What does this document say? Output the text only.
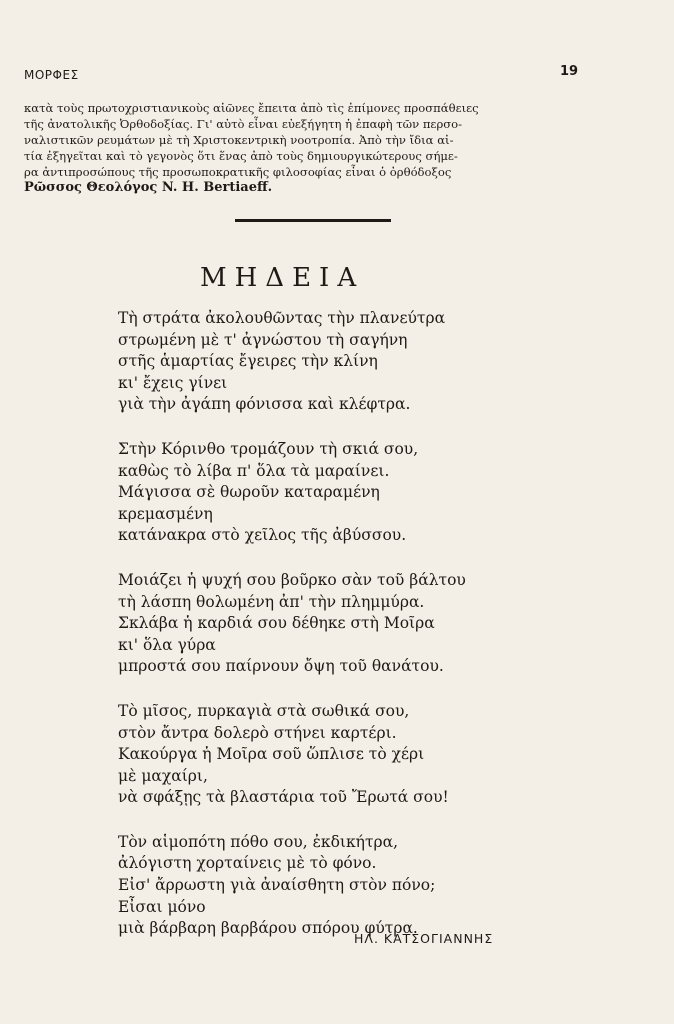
ΜΟΡΦΕΣ	19
κατὰ τοὺς πρωτοχριστιανικοὺς αἰῶνες ἔπειτα ἀπὸ τὶς ἐπίμονες προσπάθειες
τῆς ἀνατολικῆς Ὀρθοδοξίας. Γι' αὐτὸ εἶναι εὐεξήγητη ἡ ἐπαφὴ τῶν περσο-
ναλιστικῶν ρευμάτων μὲ τὴ Χριστοκεντρικὴ νοοτροπία. Ἀπὸ τὴν ἴδια αἰ-
τία ἐξηγεῖται καὶ τὸ γεγονὸς ὅτι ἕνας ἀπὸ τοὺς δημιουργικώτερους σήμε-
ρα ἀντιπροσώπους τῆς προσωποκρατικῆς φιλοσοφίας εἶναι ὁ ὀρθόδοξος
Ρῶσσος Θεολόγος N. H. Bertiaeff.
ΜΗΔΕΙΑ
Τὴ στράτα ἀκολουθῶντας τὴν πλανεύτρα
στρωμένη μὲ τ' ἀγνώστου τὴ σαγήνη
στῆς ἁμαρτίας ἔγειρες τὴν κλίνη
κι' ἔχεις γίνει
γιὰ τὴν ἀγάπη φόνισσα καὶ κλέφτρα.
Στὴν Κόρινθο τρομάζουν τὴ σκιά σου,
καθὼς τὸ λίβα π' ὅλα τὰ μαραίνει.
Μάγισσα σὲ θωροῦν καταραμένη
κρεμασμένη
κατάνακρα στὸ χεῖλος τῆς ἀβύσσου.
Μοιάζει ἡ ψυχή σου βοῦρκο σὰν τοῦ βάλτου
τὴ λάσπη θολωμένη ἀπ' τὴν πλημμύρα.
Σκλάβα ἡ καρδιά σου δέθηκε στὴ Μοῖρα
κι' ὅλα γύρα
μπροστά σου παίρνουν ὄψη τοῦ θανάτου.
Τὸ μῖσος, πυρκαγιὰ στὰ σωθικά σου,
στὸν ἄντρα δολερὸ στήνει καρτέρι.
Κακούργα ἡ Μοῖρα σοῦ ὥπλισε τὸ χέρι
μὲ μαχαίρι,
νὰ σφάξῃς τὰ βλαστάρια τοῦ Ἔρωτά σου!
Τὸν αἱμοπότη πόθο σου, ἐκδικήτρα,
ἀλόγιστη χορταίνεις μὲ τὸ φόνο.
Εἰσ' ἄρρωστη γιὰ ἀναίσθητη στὸν πόνο;
Εἶσαι μόνο
μιὰ βάρβαρη βαρβάρου σπόρου φύτρα.
ΗΛ. ΚΑΤΣΟΓΙΑΝΝΗΣ
